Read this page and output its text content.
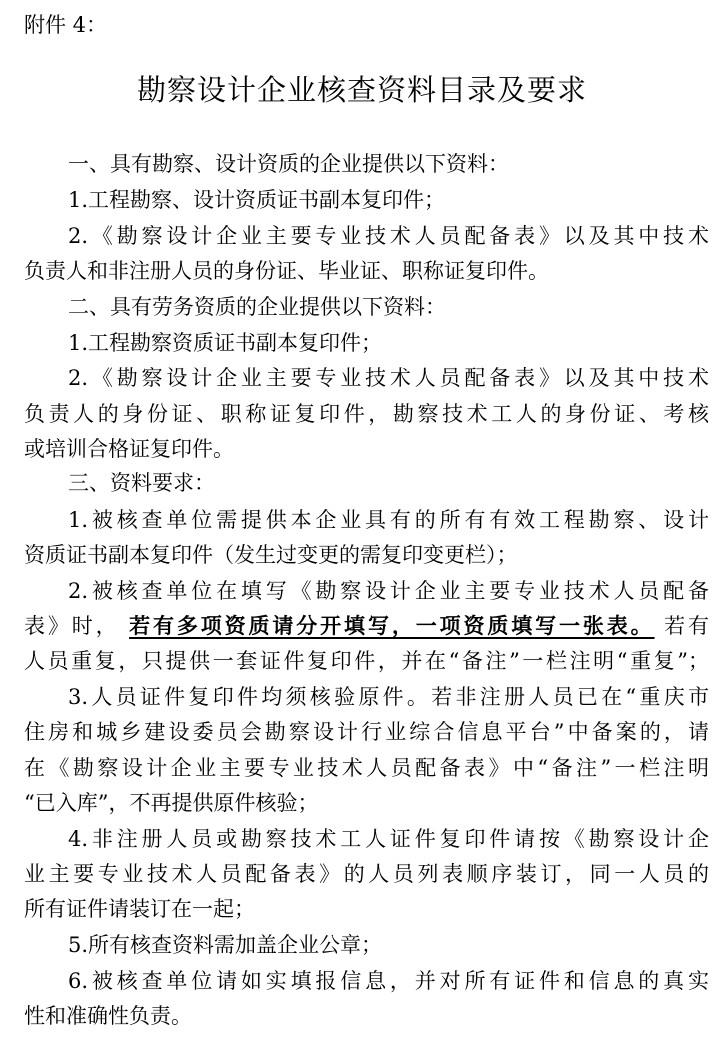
附件 4：
勘察设计企业核查资料目录及要求
一、具有勘察、设计资质的企业提供以下资料：
1.工程勘察、设计资质证书副本复印件；
2.《勘察设计企业主要专业技术人员配备表》以及其中技术
负责人和非注册人员的身份证、毕业证、职称证复印件。
二、具有劳务资质的企业提供以下资料：
1.工程勘察资质证书副本复印件；
2.《勘察设计企业主要专业技术人员配备表》以及其中技术
负责人的身份证、职称证复印件，勘察技术工人的身份证、考核
或培训合格证复印件。
三、资料要求：
1.被核查单位需提供本企业具有的所有有效工程勘察、设计
资质证书副本复印件（发生过变更的需复印变更栏）；
2.被核查单位在填写《勘察设计企业主要专业技术人员配备
表》时， 若有多项资质请分开填写，一项资质填写一张表。 若有
人员重复，只提供一套证件复印件，并在“备注”一栏注明“重复”；
3.人员证件复印件均须核验原件。若非注册人员已在“重庆市
住房和城乡建设委员会勘察设计行业综合信息平台”中备案的，请
在《勘察设计企业主要专业技术人员配备表》中“备注”一栏注明
“已入库”，不再提供原件核验；
4.非注册人员或勘察技术工人证件复印件请按《勘察设计企
业主要专业技术人员配备表》的人员列表顺序装订，同一人员的
所有证件请装订在一起；
5.所有核查资料需加盖企业公章；
6.被核查单位请如实填报信息，并对所有证件和信息的真实
性和准确性负责。
